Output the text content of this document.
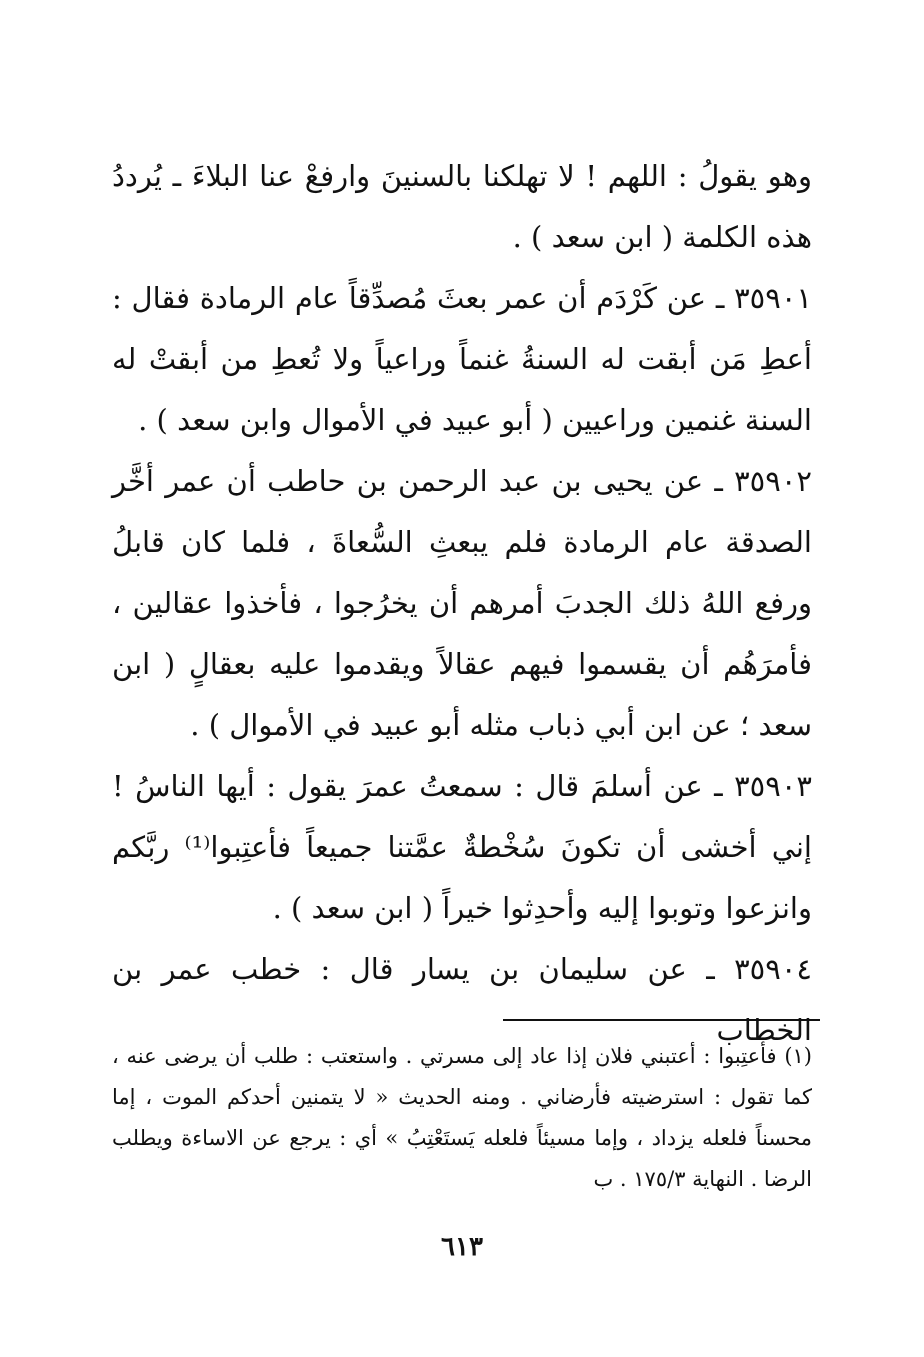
وهو يقولُ : اللهم ! لا تهلكنا بالسنينَ وارفعْ عنا البلاءَ ـ يُرددُ هذه الكلمة ( ابن سعد ) .

٣٥٩٠١ ـ عن كَرْدَم أن عمر بعثَ مُصدِّقاً عام الرمادة فقال : أعطِ مَن أبقت له السنةُ غنماً وراعياً ولا تُعطِ من أبقتْ له السنة غنمين وراعيين ( أبو عبيد في الأموال وابن سعد ) .

٣٥٩٠٢ ـ عن يحيى بن عبد الرحمن بن حاطب أن عمر أخَّر الصدقة عام الرمادة فلم يبعثِ السُّعاةَ ، فلما كان قابلُ ورفع اللهُ ذلك الجدبَ أمرهم أن يخرُجوا ، فأخذوا عقالين ، فأمرَهُم أن يقسموا فيهم عقالاً ويقدموا عليه بعقالٍ ( ابن سعد ؛ عن ابن أبي ذباب مثله أبو عبيد في الأموال ) .

٣٥٩٠٣ ـ عن أسلمَ قال : سمعتُ عمرَ يقول : أيها الناسُ ! إني أخشى أن تكونَ سُخْطةٌ عمَّتنا جميعاً فأعتِبوا⁽¹⁾ ربَّكم وانزعوا وتوبوا إليه وأحدِثوا خيراً ( ابن سعد ) .

٣٥٩٠٤ ـ عن سليمان بن يسار قال : خطب عمر بن الخطاب

(١) فأعتِبوا : أعتبني فلان إذا عاد إلى مسرتي . واستعتب : طلب أن يرضى عنه ، كما تقول : استرضيته فأرضاني . ومنه الحديث « لا يتمنين أحدكم الموت ، إما محسناً فلعله يزداد ، وإما مسيئاً فلعله يَستَعْتِبُ » أي : يرجع عن الاساءة ويطلب الرضا . النهاية ١٧٥/٣ . ب

٦١٣
